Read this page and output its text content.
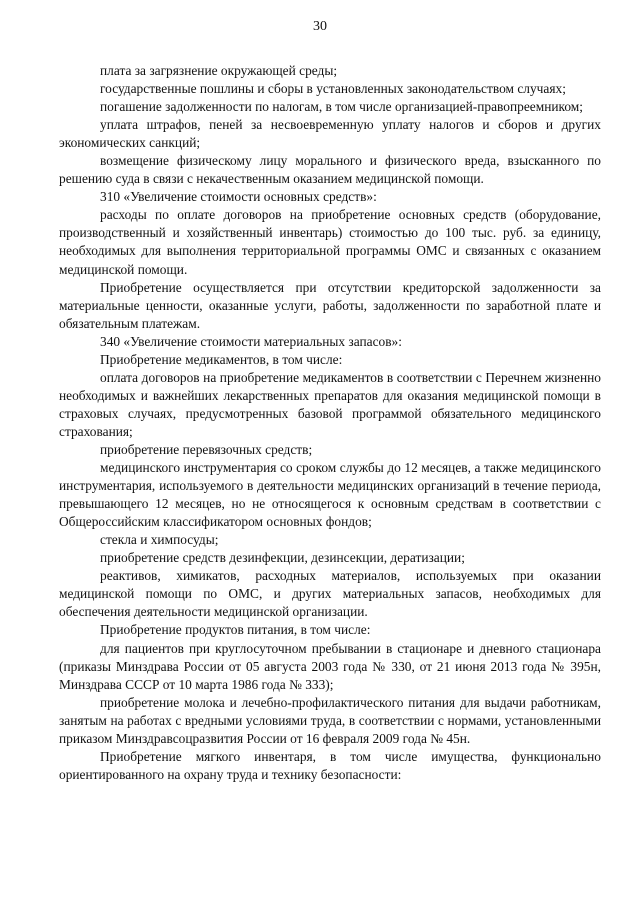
30

плата за загрязнение окружающей среды;

государственные пошлины и сборы в установленных законодательством случаях;

погашение задолженности по налогам, в том числе организацией-правопреемником;

уплата штрафов, пеней за несвоевременную уплату налогов и сборов и других экономических санкций;

возмещение физическому лицу морального и физического вреда, взысканного по решению суда в связи с некачественным оказанием медицинской помощи.

310 «Увеличение стоимости основных средств»:

расходы по оплате договоров на приобретение основных средств (оборудование, производственный и хозяйственный инвентарь) стоимостью до 100 тыс. руб. за единицу, необходимых для выполнения территориальной программы ОМС и связанных с оказанием медицинской помощи.

Приобретение осуществляется при отсутствии кредиторской задолженности за материальные ценности, оказанные услуги, работы, задолженности по заработной плате и обязательным платежам.

340 «Увеличение стоимости материальных запасов»:

Приобретение медикаментов, в том числе:

оплата договоров на приобретение медикаментов в соответствии с Перечнем жизненно необходимых и важнейших лекарственных препаратов для оказания медицинской помощи в страховых случаях, предусмотренных базовой программой обязательного медицинского страхования;

приобретение перевязочных средств;

медицинского инструментария со сроком службы до 12 месяцев, а также медицинского инструментария, используемого в деятельности медицинских организаций в течение периода, превышающего 12 месяцев, но не относящегося к основным средствам в соответствии с Общероссийским классификатором основных фондов;

стекла и химпосуды;

приобретение средств дезинфекции, дезинсекции, дератизации;

реактивов, химикатов, расходных материалов, используемых при оказании медицинской помощи по ОМС, и других материальных запасов, необходимых для обеспечения деятельности медицинской организации.

Приобретение продуктов питания, в том числе:

для пациентов при круглосуточном пребывании в стационаре и дневного стационара (приказы Минздрава России от 05 августа 2003 года № 330, от 21 июня 2013 года № 395н, Минздрава СССР от 10 марта 1986 года № 333);

приобретение молока и лечебно-профилактического питания для выдачи работникам, занятым на работах с вредными условиями труда, в соответствии с нормами, установленными приказом Минздравсоцразвития России от 16 февраля 2009 года № 45н.

Приобретение мягкого инвентаря, в том числе имущества, функционально ориентированного на охрану труда и технику безопасности:
